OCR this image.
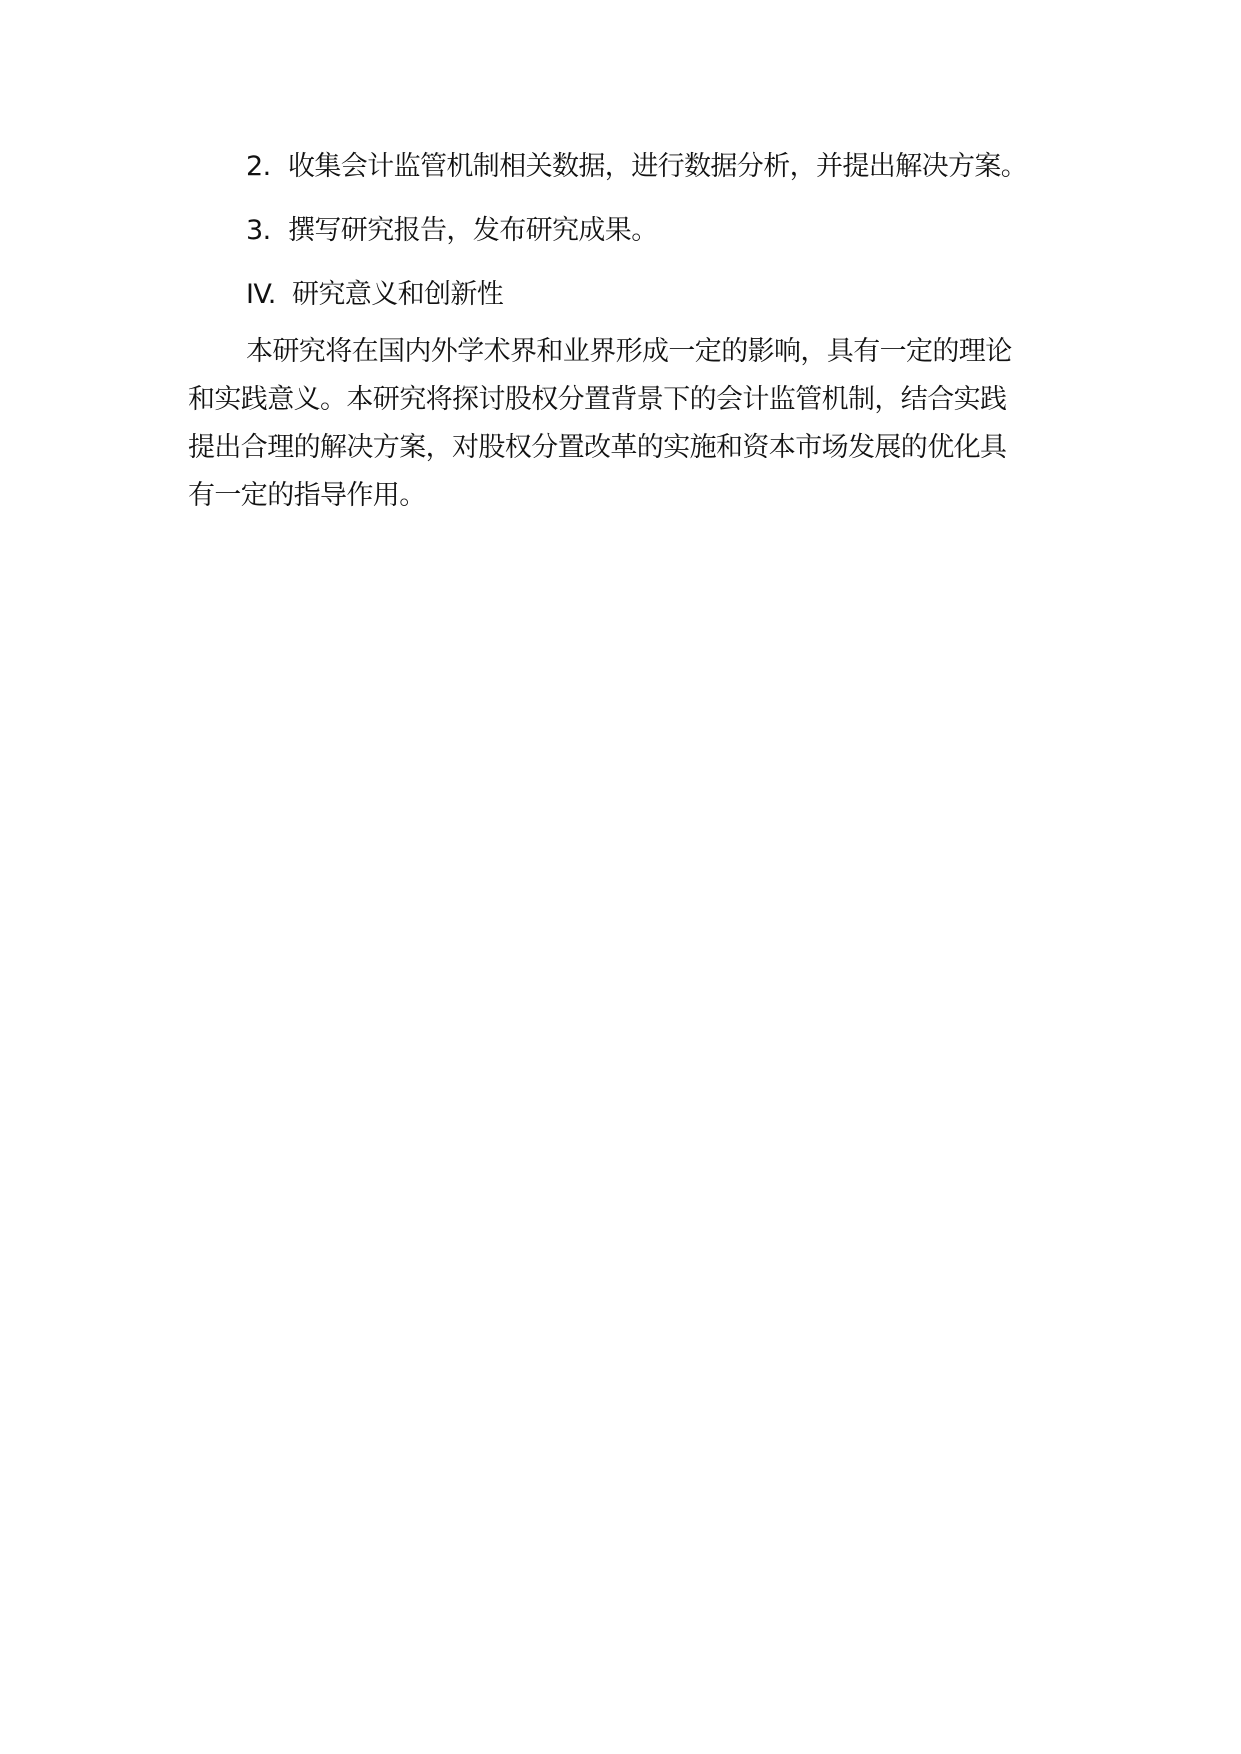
2. 收集会计监管机制相关数据，进行数据分析，并提出解决方案。

3. 撰写研究报告，发布研究成果。

IV. 研究意义和创新性

本研究将在国内外学术界和业界形成一定的影响，具有一定的理论

和实践意义。本研究将探讨股权分置背景下的会计监管机制，结合实践

提出合理的解决方案，对股权分置改革的实施和资本市场发展的优化具

有一定的指导作用。
